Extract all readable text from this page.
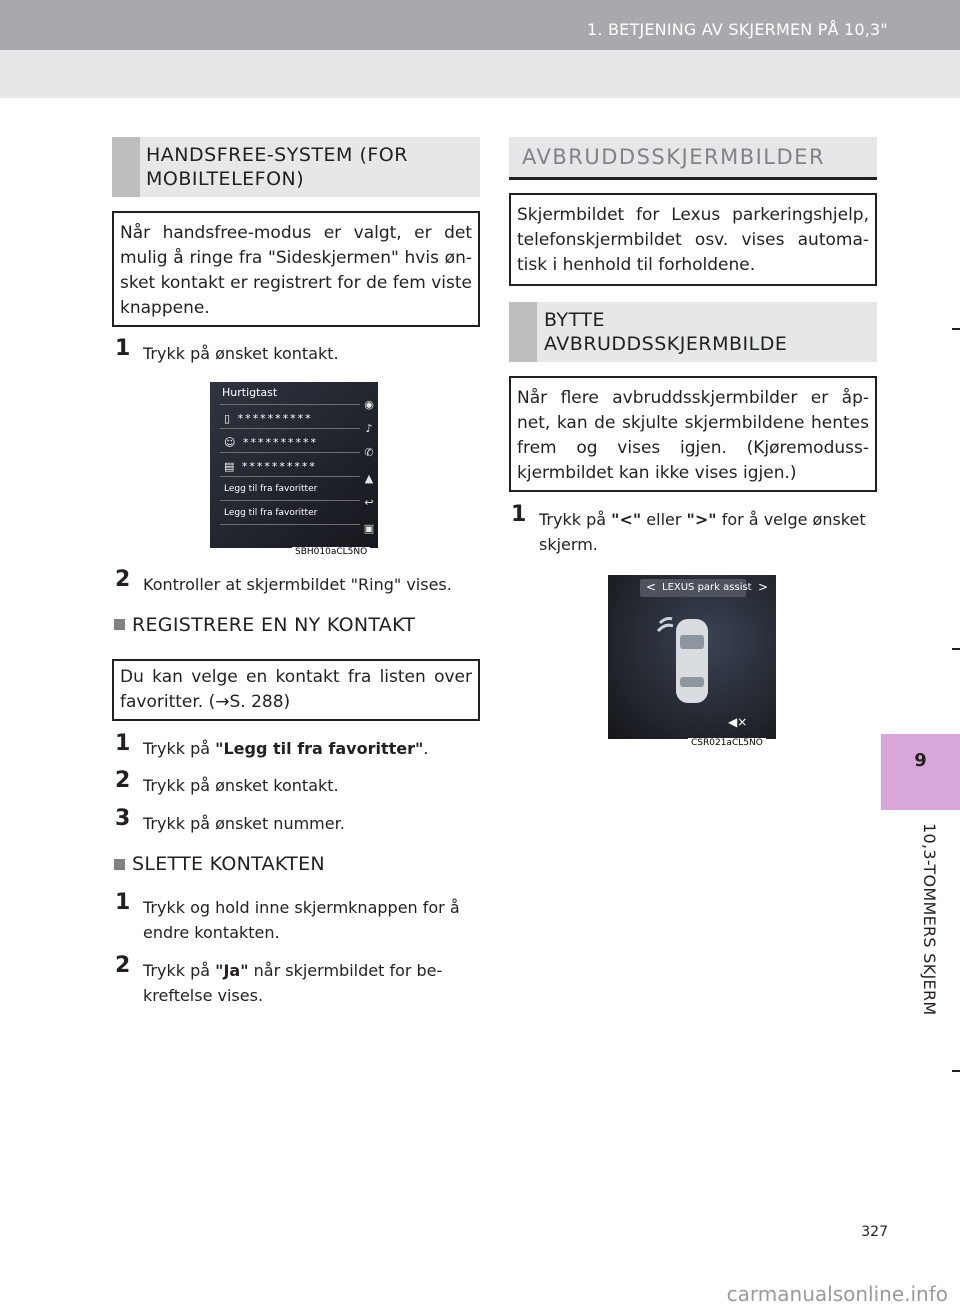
1. BETJENING AV SKJERMEN PÅ 10,3"
9
10,3-TOMMERS SKJERM
HANDSFREE-SYSTEM (FOR
MOBILTELEFON)
Når handsfree-modus er valgt, er det mulig å ringe fra "Sideskjermen" hvis øn-sket kontakt er registrert for de fem viste knappene.
1 Trykk på ønsket kontakt.
Hurtigtast
▯ **********
☺ **********
▤ **********
Legg til fra favoritter
Legg til fra favoritter
◉
♪
✆
▲
↩
▣
SBH010aCL5NO
2 Kontroller at skjermbildet "Ring" vises.
REGISTRERE EN NY KONTAKT
Du kan velge en kontakt fra listen over favoritter. (→S. 288)
1 Trykk på "Legg til fra favoritter".
2 Trykk på ønsket kontakt.
3 Trykk på ønsket nummer.
SLETTE KONTAKTEN
1 Trykk og hold inne skjermknappen for å
endre kontakten.
2 Trykk på "Ja" når skjermbildet for be-
kreftelse vises.
AVBRUDDSSKJERMBILDER
Skjermbildet for Lexus parkeringshjelp, telefonskjermbildet osv. vises automa-tisk i henhold til forholdene.
BYTTE
AVBRUDDSSKJERMBILDE
Når flere avbruddsskjermbilder er åp-net, kan de skjulte skjermbildene hentes frem og vises igjen. (Kjøremoduss-kjermbildet kan ikke vises igjen.)
1 Trykk på "<" eller ">" for å velge ønsket
skjerm.
< LEXUS park assist >
◀×
CSR021aCL5NO
327
carmanualsonline.info
